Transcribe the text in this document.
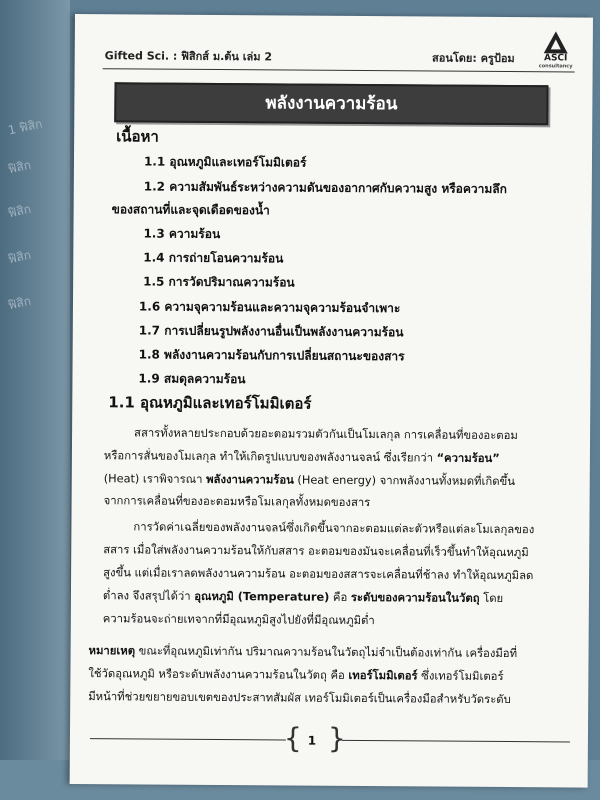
1 ฟิสิก
ฟิสิก
ฟิสิก
ฟิสิก
ฟิสิก
Gifted Sci. : ฟิสิกส์ ม.ต้น เล่ม 2	สอนโดย: ครูป้อม	ASCI
consultancy
พลังงานความร้อน
เนื้อหา
1.1 อุณหภูมิและเทอร์โมมิเตอร์
1.2 ความสัมพันธ์ระหว่างความดันของอากาศกับความสูง หรือความลึก
ของสถานที่และจุดเดือดของน้ำ
1.3 ความร้อน
1.4 การถ่ายโอนความร้อน
1.5 การวัดปริมาณความร้อน
1.6 ความจุความร้อนและความจุความร้อนจำเพาะ
1.7 การเปลี่ยนรูปพลังงานอื่นเป็นพลังงานความร้อน
1.8 พลังงานความร้อนกับการเปลี่ยนสถานะของสาร
1.9 สมดุลความร้อน
1.1 อุณหภูมิและเทอร์โมมิเตอร์
สสารทั้งหลายประกอบด้วยอะตอมรวมตัวกันเป็นโมเลกุล การเคลื่อนที่ของอะตอม
หรือการสั่นของโมเลกุล ทำให้เกิดรูปแบบของพลังงานจลน์ ซึ่งเรียกว่า “ความร้อน”
(Heat) เราพิจารณา พลังงานความร้อน (Heat energy) จากพลังงานทั้งหมดที่เกิดขึ้น
จากการเคลื่อนที่ของอะตอมหรือโมเลกุลทั้งหมดของสาร
การวัดค่าเฉลี่ยของพลังงานจลน์ซึ่งเกิดขึ้นจากอะตอมแต่ละตัวหรือแต่ละโมเลกุลของ
สสาร เมื่อใส่พลังงานความร้อนให้กับสสาร อะตอมของมันจะเคลื่อนที่เร็วขึ้นทำให้อุณหภูมิ
สูงขึ้น แต่เมื่อเราลดพลังงานความร้อน อะตอมของสสารจะเคลื่อนที่ช้าลง ทำให้อุณหภูมิลด
ต่ำลง จึงสรุปได้ว่า อุณหภูมิ (Temperature) คือ ระดับของความร้อนในวัตถุ โดย
ความร้อนจะถ่ายเทจากที่มีอุณหภูมิสูงไปยังที่มีอุณหภูมิต่ำ
หมายเหตุ ขณะที่อุณหภูมิเท่ากัน ปริมาณความร้อนในวัตถุไม่จำเป็นต้องเท่ากัน เครื่องมือที่
ใช้วัดอุณหภูมิ หรือระดับพลังงานความร้อนในวัตถุ คือ เทอร์โมมิเตอร์ ซึ่งเทอร์โมมิเตอร์
มีหน้าที่ช่วยขยายขอบเขตของประสาทสัมผัส เทอร์โมมิเตอร์เป็นเครื่องมือสำหรับวัดระดับ
{ 1 }
